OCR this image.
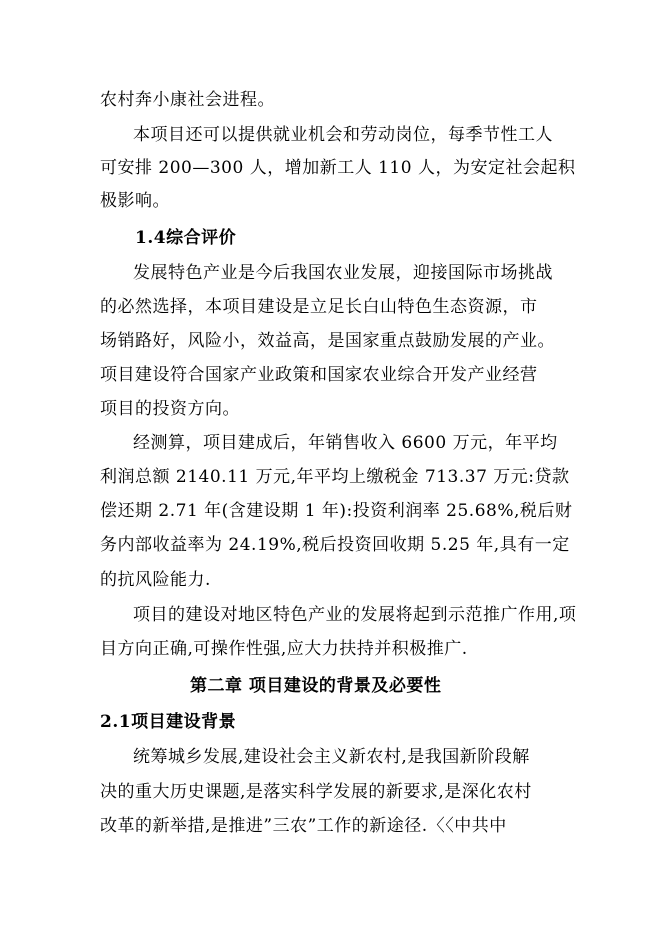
农村奔小康社会进程。
本项目还可以提供就业机会和劳动岗位，每季节性工人
可安排 200—300 人，增加新工人 110 人，为安定社会起积
极影响。
1.4综合评价
发展特色产业是今后我国农业发展，迎接国际市场挑战
的必然选择，本项目建设是立足长白山特色生态资源，市
场销路好，风险小，效益高，是国家重点鼓励发展的产业。
项目建设符合国家产业政策和国家农业综合开发产业经营
项目的投资方向。
经测算，项目建成后，年销售收入 6600 万元，年平均
利润总额 2140.11 万元,年平均上缴税金 713.37 万元:贷款
偿还期 2.71 年(含建设期 1 年):投资利润率 25.68%,税后财
务内部收益率为 24.19%,税后投资回收期 5.25 年,具有一定
的抗风险能力.
项目的建设对地区特色产业的发展将起到示范推广作用,项
目方向正确,可操作性强,应大力扶持并积极推广.
第二章 项目建设的背景及必要性
2.1项目建设背景
统筹城乡发展,建设社会主义新农村,是我国新阶段解
决的重大历史课题,是落实科学发展的新要求,是深化农村
改革的新举措,是推进”三农”工作的新途径.〈〈中共中
